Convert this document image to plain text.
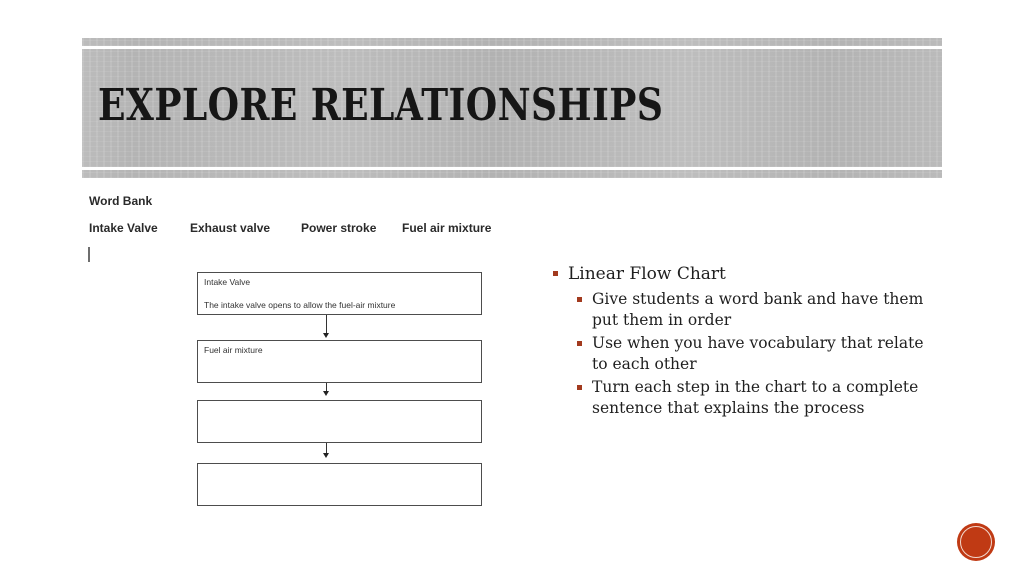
EXPLORE RELATIONSHIPS
Word Bank
Intake Valve	Exhaust valve	Power stroke Fuel air mixture
Intake Valve
The intake valve opens to allow the fuel-air mixture
Fuel air mixture
Linear Flow Chart
Give students a word bank and have them put them in order
Use when you have vocabulary that relate to each other
Turn each step in the chart to a complete sentence that explains the process
